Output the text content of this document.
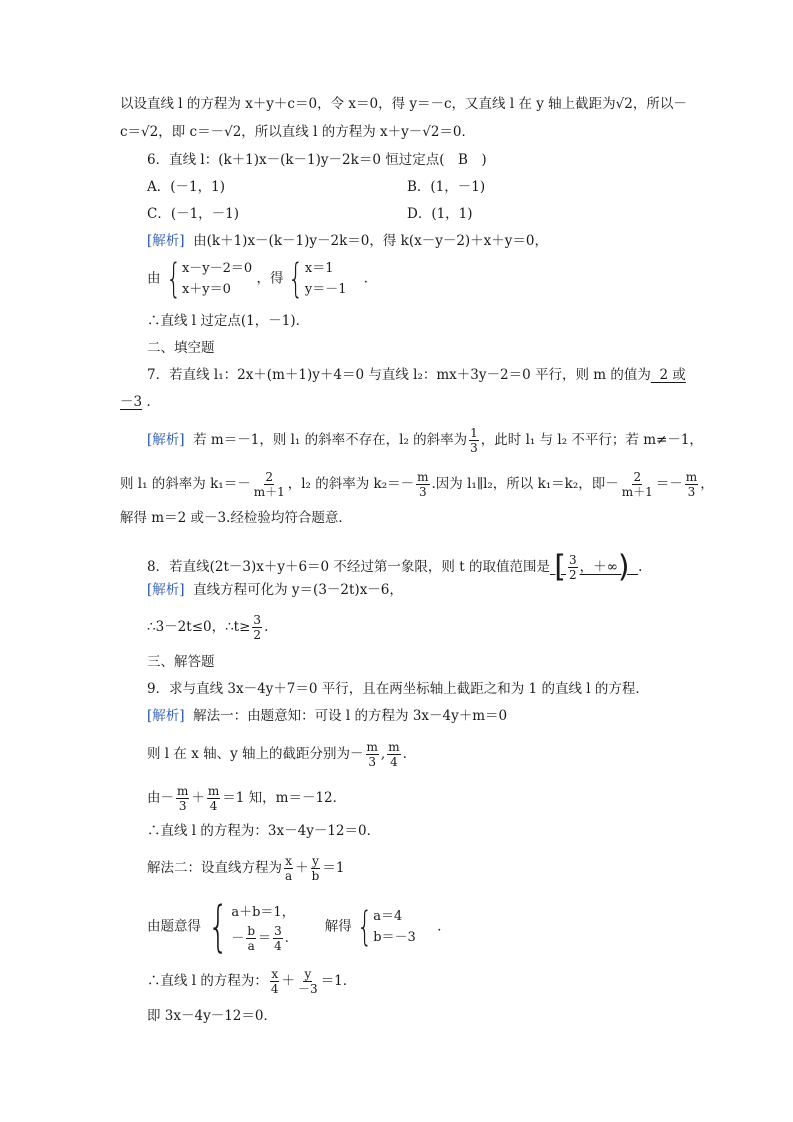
以设直线 l 的方程为 x＋y＋c＝0，令 x＝0，得 y＝－c，又直线 l 在 y 轴上截距为√2，所以－
c＝√2，即 c＝－√2，所以直线 l 的方程为 x＋y－√2＝0．
6．直线 l：(k＋1)x－(k－1)y－2k＝0 恒过定点(　B　)
A．(－1，1)	B．(1，－1)
C．(－1，－1)	D．(1，1)
[解析] 由(k＋1)x－(k－1)y－2k＝0，得 k(x－y－2)＋x＋y＝0，
由 { x－y－2＝0
x＋y＝0
，得 { x＝1
y＝－1
．
∴直线 l 过定点(1，－1)．
二、填空题
7．若直线 l₁：2x＋(m＋1)y＋4＝0 与直线 l₂：mx＋3y－2＝0 平行，则 m 的值为 2 或
－3 .
[解析] 若 m＝－1，则 l₁ 的斜率不存在，l₂ 的斜率为 $\frac{1}{3}$ ，此时 l₁ 与 l₂ 不平行；若 m≠－1，
则 l₁ 的斜率为 $k_1=- \frac{2}{m+1}$ ，l₂ 的斜率为 $k_2=- \frac{m}{3}$ .因为 l₁∥l₂，所以 k₁＝k₂，即－ $\frac{2}{m+1} =- \frac{m}{3}$ ，
解得 m＝2 或－3.经检验均符合题意．
8．若直线(2t－3)x＋y＋6＝0 不经过第一象限，则 t 的取值范围是 [ $\frac{3}{2}$ ，＋∞) .
[解析] 直线方程可化为 y＝(3－2t)x－6，
∴3－2t≤0，∴t≥ $\frac{3}{2}$ .
三、解答题
9．求与直线 3x－4y＋7＝0 平行，且在两坐标轴上截距之和为 1 的直线 l 的方程．
[解析] 解法一：由题意知：可设 l 的方程为 3x－4y＋m＝0
则 l 在 x 轴、y 轴上的截距分别为－ $\frac{m}{3}$ , $\frac{m}{4}$ .
由－ $\frac{m}{3} + \frac{m}{4} =1$ 知，m＝－12．
∴直线 l 的方程为：3x－4y－12＝0．
解法二：设直线方程为 $\frac{x}{a} + \frac{y}{b} =1$
由题意得 { a＋b＝1，
－ $\frac{b}{a} = \frac{3}{4}$ .
解得 { a＝4
b＝－3
．
∴直线 l 的方程为： $\frac{x}{4} + \frac{y}{-3} =1$．
即 3x－4y－12＝0．
